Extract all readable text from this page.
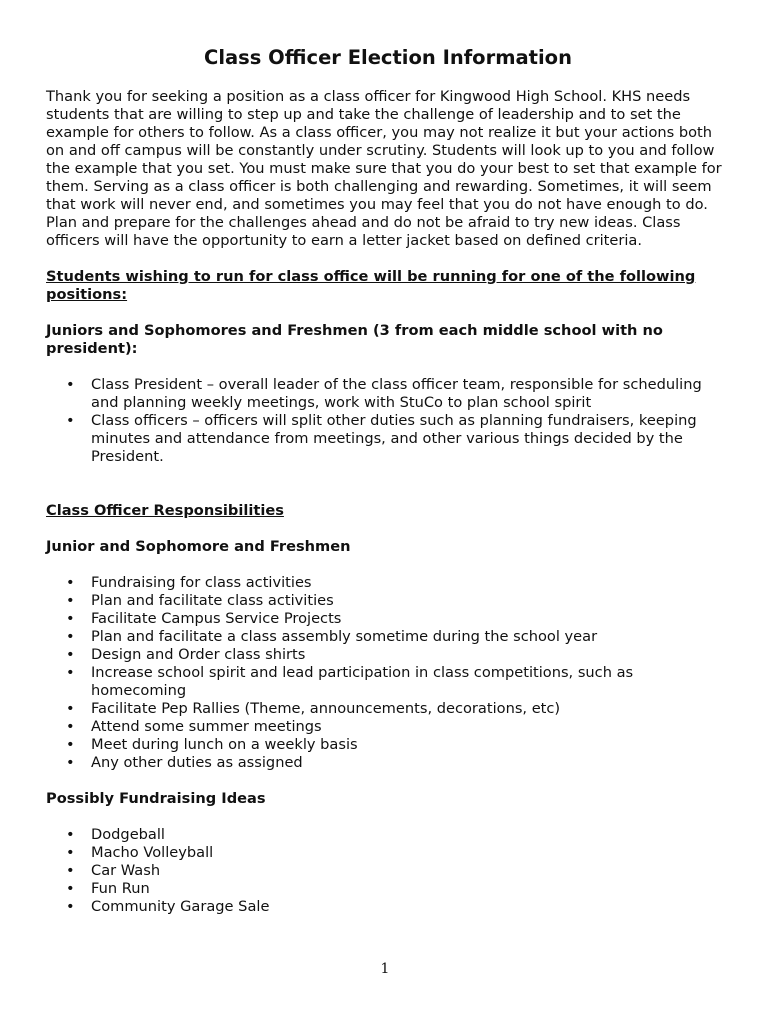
Class Officer Election Information
Thank you for seeking a position as a class officer for Kingwood High School. KHS needs students that are willing to step up and take the challenge of leadership and to set the example for others to follow. As a class officer, you may not realize it but your actions both on and off campus will be constantly under scrutiny. Students will look up to you and follow the example that you set. You must make sure that you do your best to set that example for them. Serving as a class officer is both challenging and rewarding. Sometimes, it will seem that work will never end, and sometimes you may feel that you do not have enough to do. Plan and prepare for the challenges ahead and do not be afraid to try new ideas. Class officers will have the opportunity to earn a letter jacket based on defined criteria.
Students wishing to run for class office will be running for one of the following positions:
Juniors and Sophomores and Freshmen (3 from each middle school with no president):
• Class President – overall leader of the class officer team, responsible for scheduling and planning weekly meetings, work with StuCo to plan school spirit
• Class officers – officers will split other duties such as planning fundraisers, keeping minutes and attendance from meetings, and other various things decided by the President.
Class Officer Responsibilities
Junior and Sophomore and Freshmen
• Fundraising for class activities
• Plan and facilitate class activities
• Facilitate Campus Service Projects
• Plan and facilitate a class assembly sometime during the school year
• Design and Order class shirts
• Increase school spirit and lead participation in class competitions, such as homecoming
• Facilitate Pep Rallies (Theme, announcements, decorations, etc)
• Attend some summer meetings
• Meet during lunch on a weekly basis
• Any other duties as assigned
Possibly Fundraising Ideas
• Dodgeball
• Macho Volleyball
• Car Wash
• Fun Run
• Community Garage Sale
1
